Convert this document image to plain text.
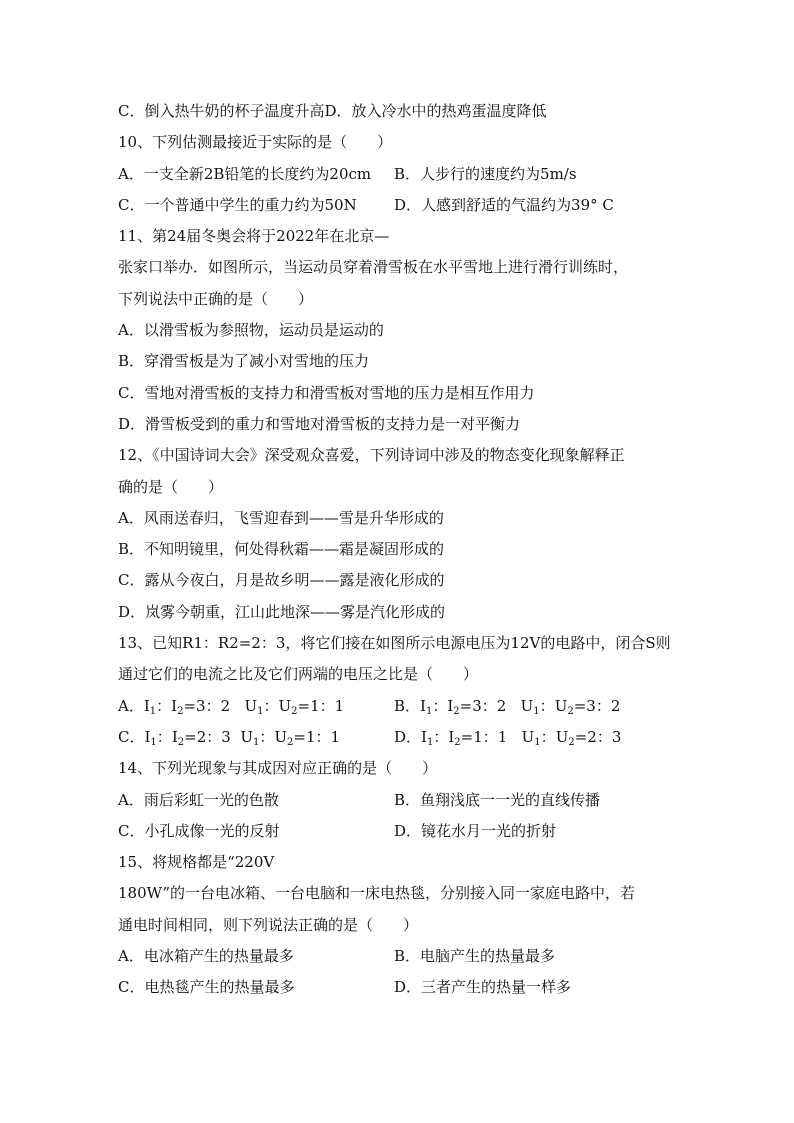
C．倒入热牛奶的杯子温度升高D．放入冷水中的热鸡蛋温度降低
10、下列估测最接近于实际的是（　　）
A．一支全新2B铅笔的长度约为20cm	B．人步行的速度约为5m/s
C．一个普通中学生的重力约为50N	D．人感到舒适的气温约为39° C
11、第24届冬奥会将于2022年在北京—
张家口举办．如图所示，当运动员穿着滑雪板在水平雪地上进行滑行训练时，
下列说法中正确的是（　　）
A．以滑雪板为参照物，运动员是运动的
B．穿滑雪板是为了减小对雪地的压力
C．雪地对滑雪板的支持力和滑雪板对雪地的压力是相互作用力
D．滑雪板受到的重力和雪地对滑雪板的支持力是一对平衡力
12、《中国诗词大会》深受观众喜爱，下列诗词中涉及的物态变化现象解释正
确的是（　　）
A．风雨送春归，飞雪迎春到——雪是升华形成的
B．不知明镜里，何处得秋霜——霜是凝固形成的
C．露从今夜白，月是故乡明——露是液化形成的
D．岚雾今朝重，江山此地深——雾是汽化形成的
13、已知R1：R2=2：3，将它们接在如图所示电源电压为12V的电路中，闭合S则
通过它们的电流之比及它们两端的电压之比是（　　）
A．$I_1$：$I_2=3$：2 $U_1$：$U_2=1$：1	B．$I_1$：$I_2=3$：2 $U_1$：$U_2=3$：2
C．$I_1$：$I_2=2$：3 $U_1$：$U_2=1$：1	D．$I_1$：$I_2=1$：1 $U_1$：$U_2=2$：3
14、下列光现象与其成因对应正确的是（　　）
A．雨后彩虹一光的色散	B．鱼翔浅底一一光的直线传播
C．小孔成像一光的反射	D．镜花水月一光的折射
15、将规格都是“220V
180W”的一台电冰箱、一台电脑和一床电热毯，分别接入同一家庭电路中，若
通电时间相同，则下列说法正确的是（　　）
A．电冰箱产生的热量最多	B．电脑产生的热量最多
C．电热毯产生的热量最多	D．三者产生的热量一样多
